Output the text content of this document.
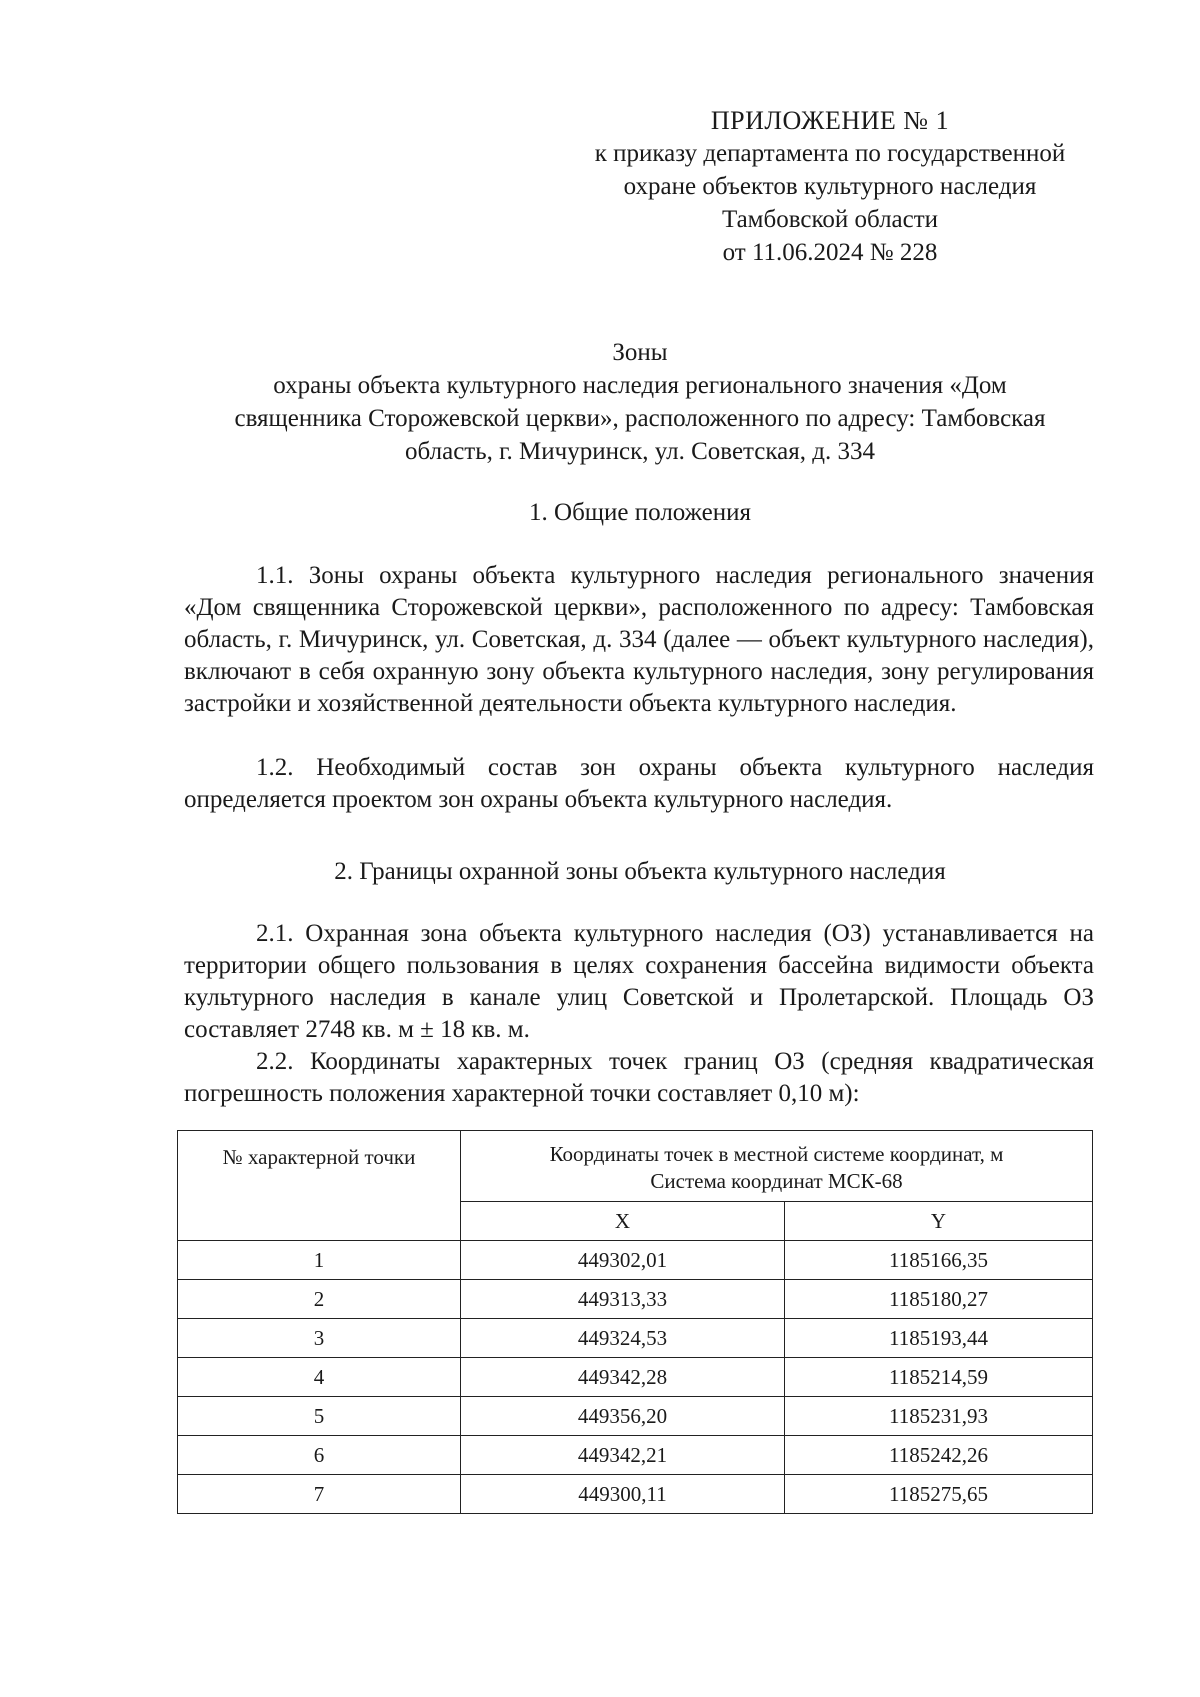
ПРИЛОЖЕНИЕ № 1
к приказу департамента по государственной
охране объектов культурного наследия
Тамбовской области
от 11.06.2024 № 228
Зоны
охраны объекта культурного наследия регионального значения «Дом
священника Сторожевской церкви», расположенного по адресу: Тамбовская
область, г. Мичуринск, ул. Советская, д. 334
1. Общие положения

1.1. Зоны охраны объекта культурного наследия регионального значения «Дом священника Сторожевской церкви», расположенного по адресу: Тамбовская область, г. Мичуринск, ул. Советская, д. 334 (далее — объект культурного наследия), включают в себя охранную зону объекта культурного наследия, зону регулирования застройки и хозяйственной деятельности объекта культурного наследия.

1.2. Необходимый состав зон охраны объекта культурного наследия определяется проектом зон охраны объекта культурного наследия.

2. Границы охранной зоны объекта культурного наследия

2.1. Охранная зона объекта культурного наследия (ОЗ) устанавливается на территории общего пользования в целях сохранения бассейна видимости объекта культурного наследия в канале улиц Советской и Пролетарской. Площадь ОЗ составляет 2748 кв. м ± 18 кв. м.

2.2. Координаты характерных точек границ ОЗ (средняя квадратическая погрешность положения характерной точки составляет 0,10 м):

№ характерной точки	Координаты точек в местной системе координат, м
Система координат МСК-68	

	X	Y
1	449302,01	1185166,35
2	449313,33	1185180,27
3	449324,53	1185193,44
4	449342,28	1185214,59
5	449356,20	1185231,93
6	449342,21	1185242,26
7	449300,11	1185275,65
